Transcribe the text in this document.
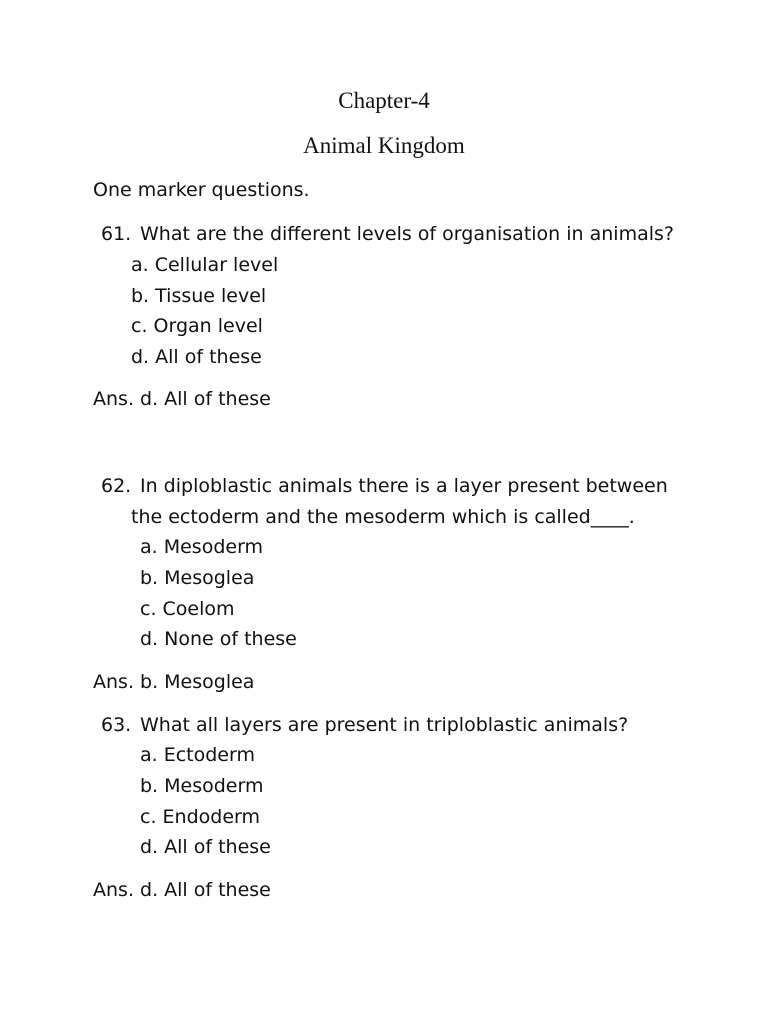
Chapter-4
Animal Kingdom
One marker questions.
61. What are the different levels of organisation in animals?
a. Cellular level
b. Tissue level
c. Organ level
d. All of these
Ans. d. All of these
62. In diploblastic animals there is a layer present between
the ectoderm and the mesoderm which is called____.
a. Mesoderm
b. Mesoglea
c. Coelom
d. None of these
Ans. b. Mesoglea
63. What all layers are present in triploblastic animals?
a. Ectoderm
b. Mesoderm
c. Endoderm
d. All of these
Ans. d. All of these
